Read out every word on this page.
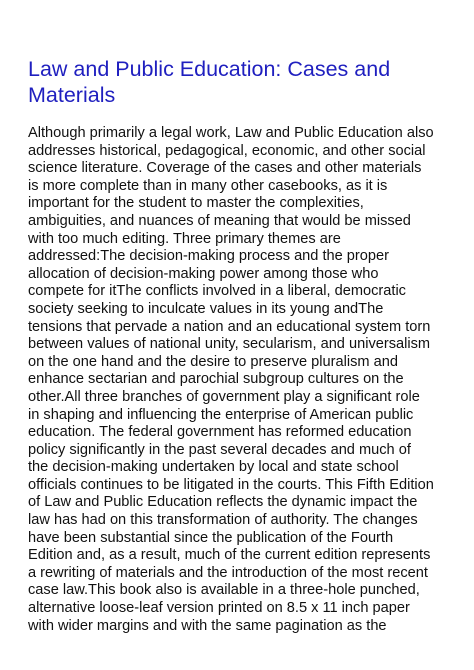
Law and Public Education: Cases and
Materials
Although primarily a legal work, Law and Public Education also
addresses historical, pedagogical, economic, and other social
science literature. Coverage of the cases and other materials
is more complete than in many other casebooks, as it is
important for the student to master the complexities,
ambiguities, and nuances of meaning that would be missed
with too much editing. Three primary themes are
addressed:The decision-making process and the proper
allocation of decision-making power among those who
compete for itThe conflicts involved in a liberal, democratic
society seeking to inculcate values in its young andThe
tensions that pervade a nation and an educational system torn
between values of national unity, secularism, and universalism
on the one hand and the desire to preserve pluralism and
enhance sectarian and parochial subgroup cultures on the
other.All three branches of government play a significant role
in shaping and influencing the enterprise of American public
education. The federal government has reformed education
policy significantly in the past several decades and much of
the decision-making undertaken by local and state school
officials continues to be litigated in the courts. This Fifth Edition
of Law and Public Education reflects the dynamic impact the
law has had on this transformation of authority. The changes
have been substantial since the publication of the Fourth
Edition and, as a result, much of the current edition represents
a rewriting of materials and the introduction of the most recent
case law.This book also is available in a three-hole punched,
alternative loose-leaf version printed on 8.5 x 11 inch paper
with wider margins and with the same pagination as the
